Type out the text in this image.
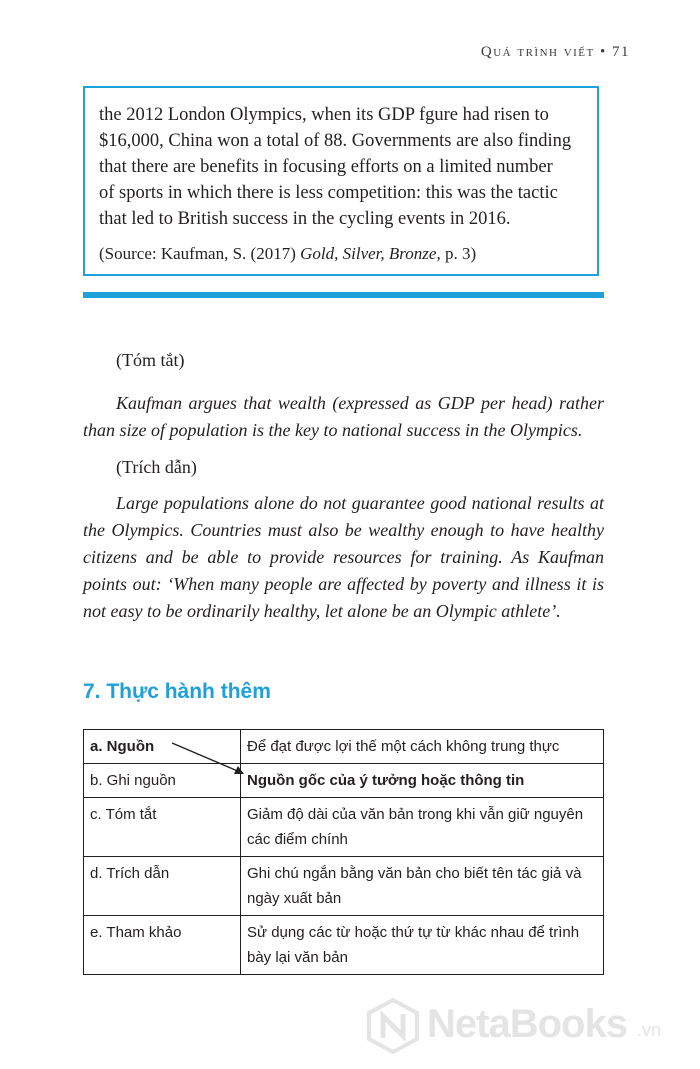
Quá trình viết • 71

the 2012 London Olympics, when its GDP fgure had risen to

$16,000, China won a total of 88. Governments are also finding

that there are benefits in focusing efforts on a limited number

of sports in which there is less competition: this was the tactic

that led to British success in the cycling events in 2016.

(Source: Kaufman, S. (2017) Gold, Silver, Bronze, p. 3)
(Tóm tắt)

Kaufman argues that wealth (expressed as GDP per head) rather than size of population is the key to national success in the Olympics.

(Trích dẫn)

Large populations alone do not guarantee good national results at the Olympics. Countries must also be wealthy enough to have healthy citizens and be able to provide resources for training. As Kaufman points out: ‘When many people are affected by poverty and illness it is not easy to be ordinarily healthy, let alone be an Olympic athlete’.

7. Thực hành thêm
a. Nguồn	Để đạt được lợi thế một cách không trung thực
b. Ghi nguồn	Nguồn gốc của ý tưởng hoặc thông tin
c. Tóm tắt	Giảm độ dài của văn bản trong khi vẫn giữ nguyên các điểm chính
d. Trích dẫn	Ghi chú ngắn bằng văn bản cho biết tên tác giả và ngày xuất bản
e. Tham khảo	Sử dụng các từ hoặc thứ tự từ khác nhau để trình bày lại văn bản
NetaBooks .vn
